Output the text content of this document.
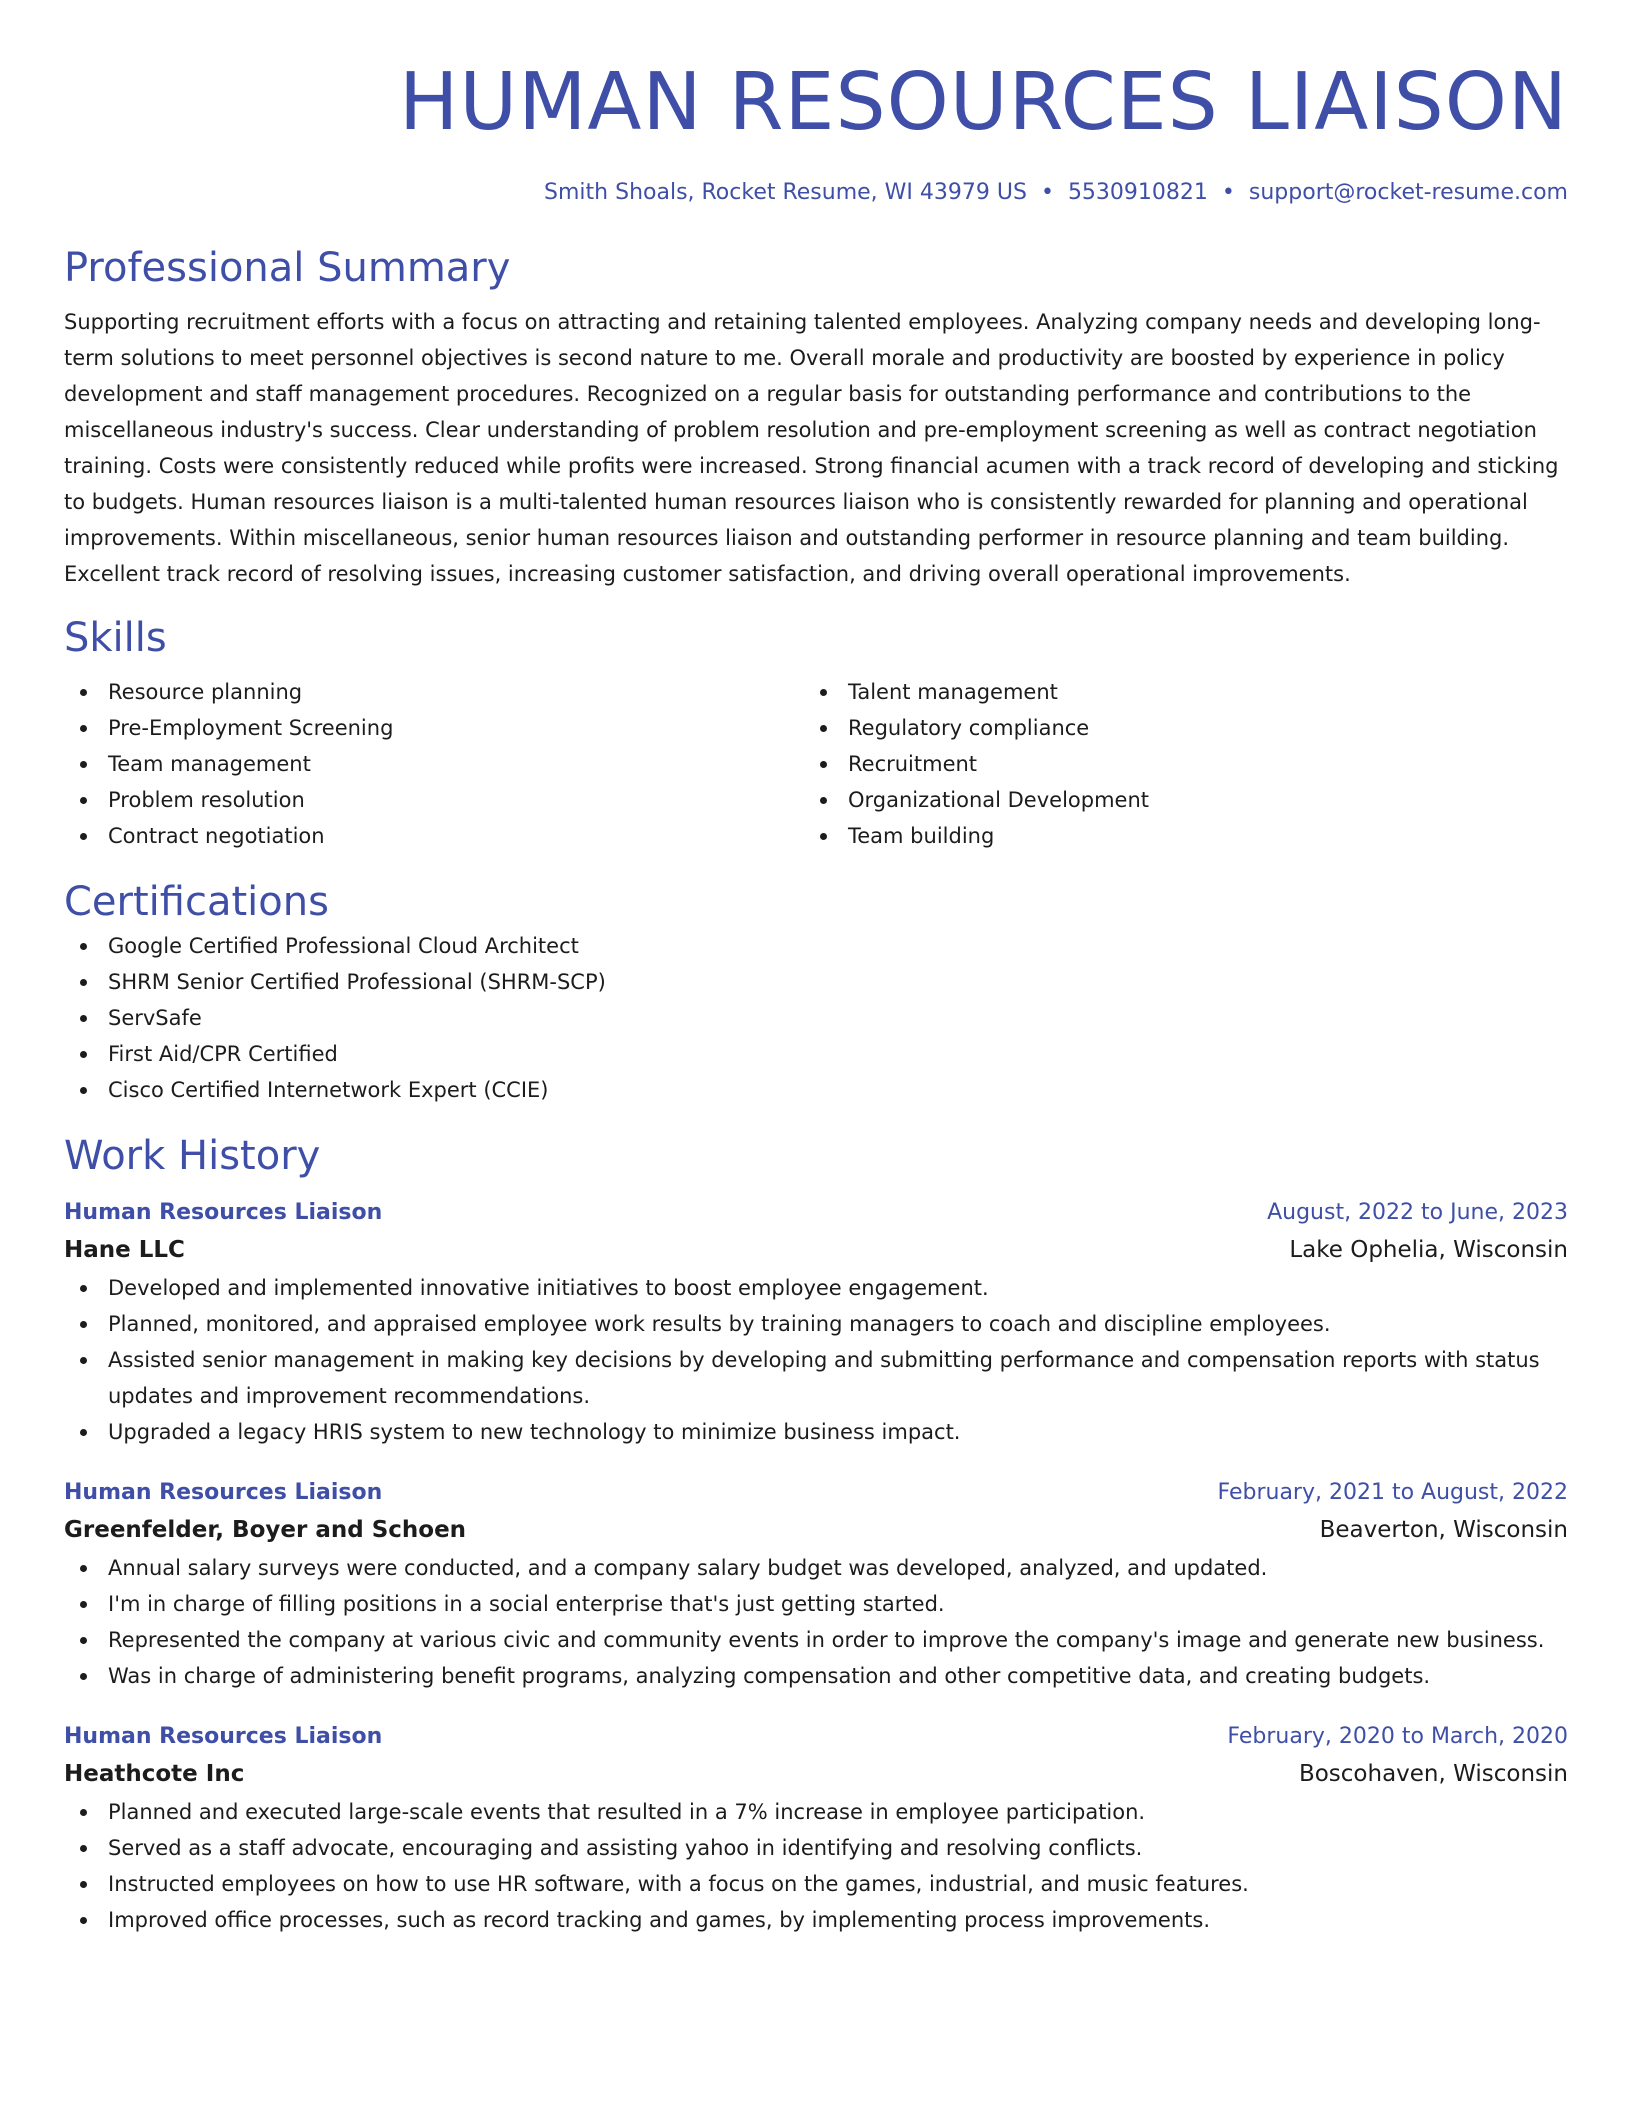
HUMAN RESOURCES LIAISON
Smith Shoals, Rocket Resume, WI 43979 US • 5530910821 • support@rocket-resume.com
Professional Summary

Supporting recruitment efforts with a focus on attracting and retaining talented employees. Analyzing company needs and developing long-term solutions to meet personnel objectives is second nature to me. Overall morale and productivity are boosted by experience in policy development and staff management procedures. Recognized on a regular basis for outstanding performance and contributions to the miscellaneous industry's success. Clear understanding of problem resolution and pre-employment screening as well as contract negotiation training. Costs were consistently reduced while profits were increased. Strong financial acumen with a track record of developing and sticking to budgets. Human resources liaison is a multi-talented human resources liaison who is consistently rewarded for planning and operational improvements. Within miscellaneous, senior human resources liaison and outstanding performer in resource planning and team building. Excellent track record of resolving issues, increasing customer satisfaction, and driving overall operational improvements.

Skills
Resource planning
Pre-Employment Screening
Team management
Problem resolution
Contract negotiation
Talent management
Regulatory compliance
Recruitment
Organizational Development
Team building
Certifications
Google Certified Professional Cloud Architect
SHRM Senior Certified Professional (SHRM-SCP)
ServSafe
First Aid/CPR Certified
Cisco Certified Internetwork Expert (CCIE)
Work History
Human Resources Liaison	August, 2022 to June, 2023
Hane LLC	Lake Ophelia, Wisconsin
Developed and implemented innovative initiatives to boost employee engagement.
Planned, monitored, and appraised employee work results by training managers to coach and discipline employees.
Assisted senior management in making key decisions by developing and submitting performance and compensation reports with status updates and improvement recommendations.
Upgraded a legacy HRIS system to new technology to minimize business impact.
Human Resources Liaison	February, 2021 to August, 2022
Greenfelder, Boyer and Schoen	Beaverton, Wisconsin
Annual salary surveys were conducted, and a company salary budget was developed, analyzed, and updated.
I'm in charge of filling positions in a social enterprise that's just getting started.
Represented the company at various civic and community events in order to improve the company's image and generate new business.
Was in charge of administering benefit programs, analyzing compensation and other competitive data, and creating budgets.
Human Resources Liaison	February, 2020 to March, 2020
Heathcote Inc	Boscohaven, Wisconsin
Planned and executed large-scale events that resulted in a 7% increase in employee participation.
Served as a staff advocate, encouraging and assisting yahoo in identifying and resolving conflicts.
Instructed employees on how to use HR software, with a focus on the games, industrial, and music features.
Improved office processes, such as record tracking and games, by implementing process improvements.
